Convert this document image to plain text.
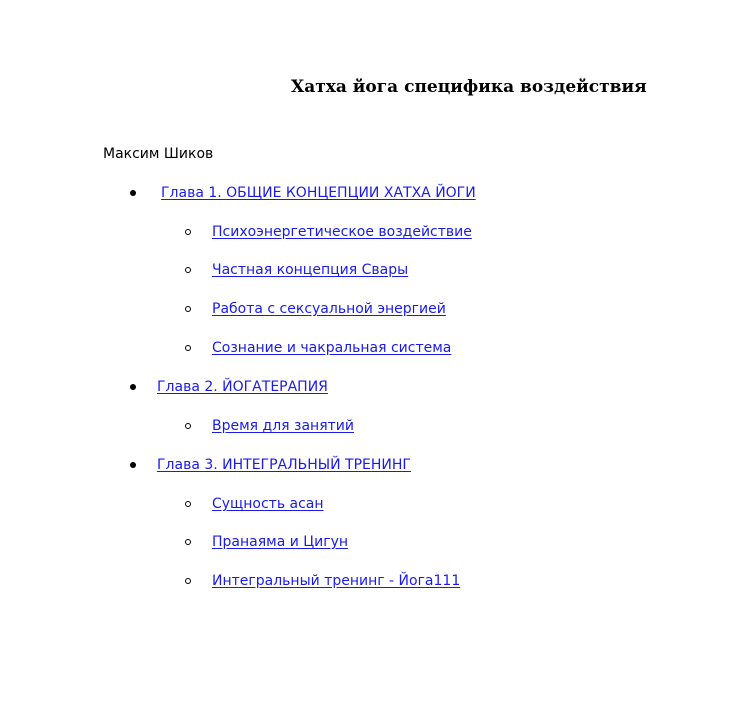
Хатха йога специфика воздействия

Максим Шиков

Глава 1. ОБЩИЕ КОНЦЕПЦИИ ХАТХА ЙОГИ
Психоэнергетическое воздействие
Частная концепция Свары
Работа с сексуальной энергией
Сознание и чакральная система
Глава 2. ЙОГАТЕРАПИЯ
Время для занятий
Глава 3. ИНТЕГРАЛЬНЫЙ ТРЕНИНГ
Сущность асан
Пранаяма и Цигун
Интегральный тренинг - Йога111
